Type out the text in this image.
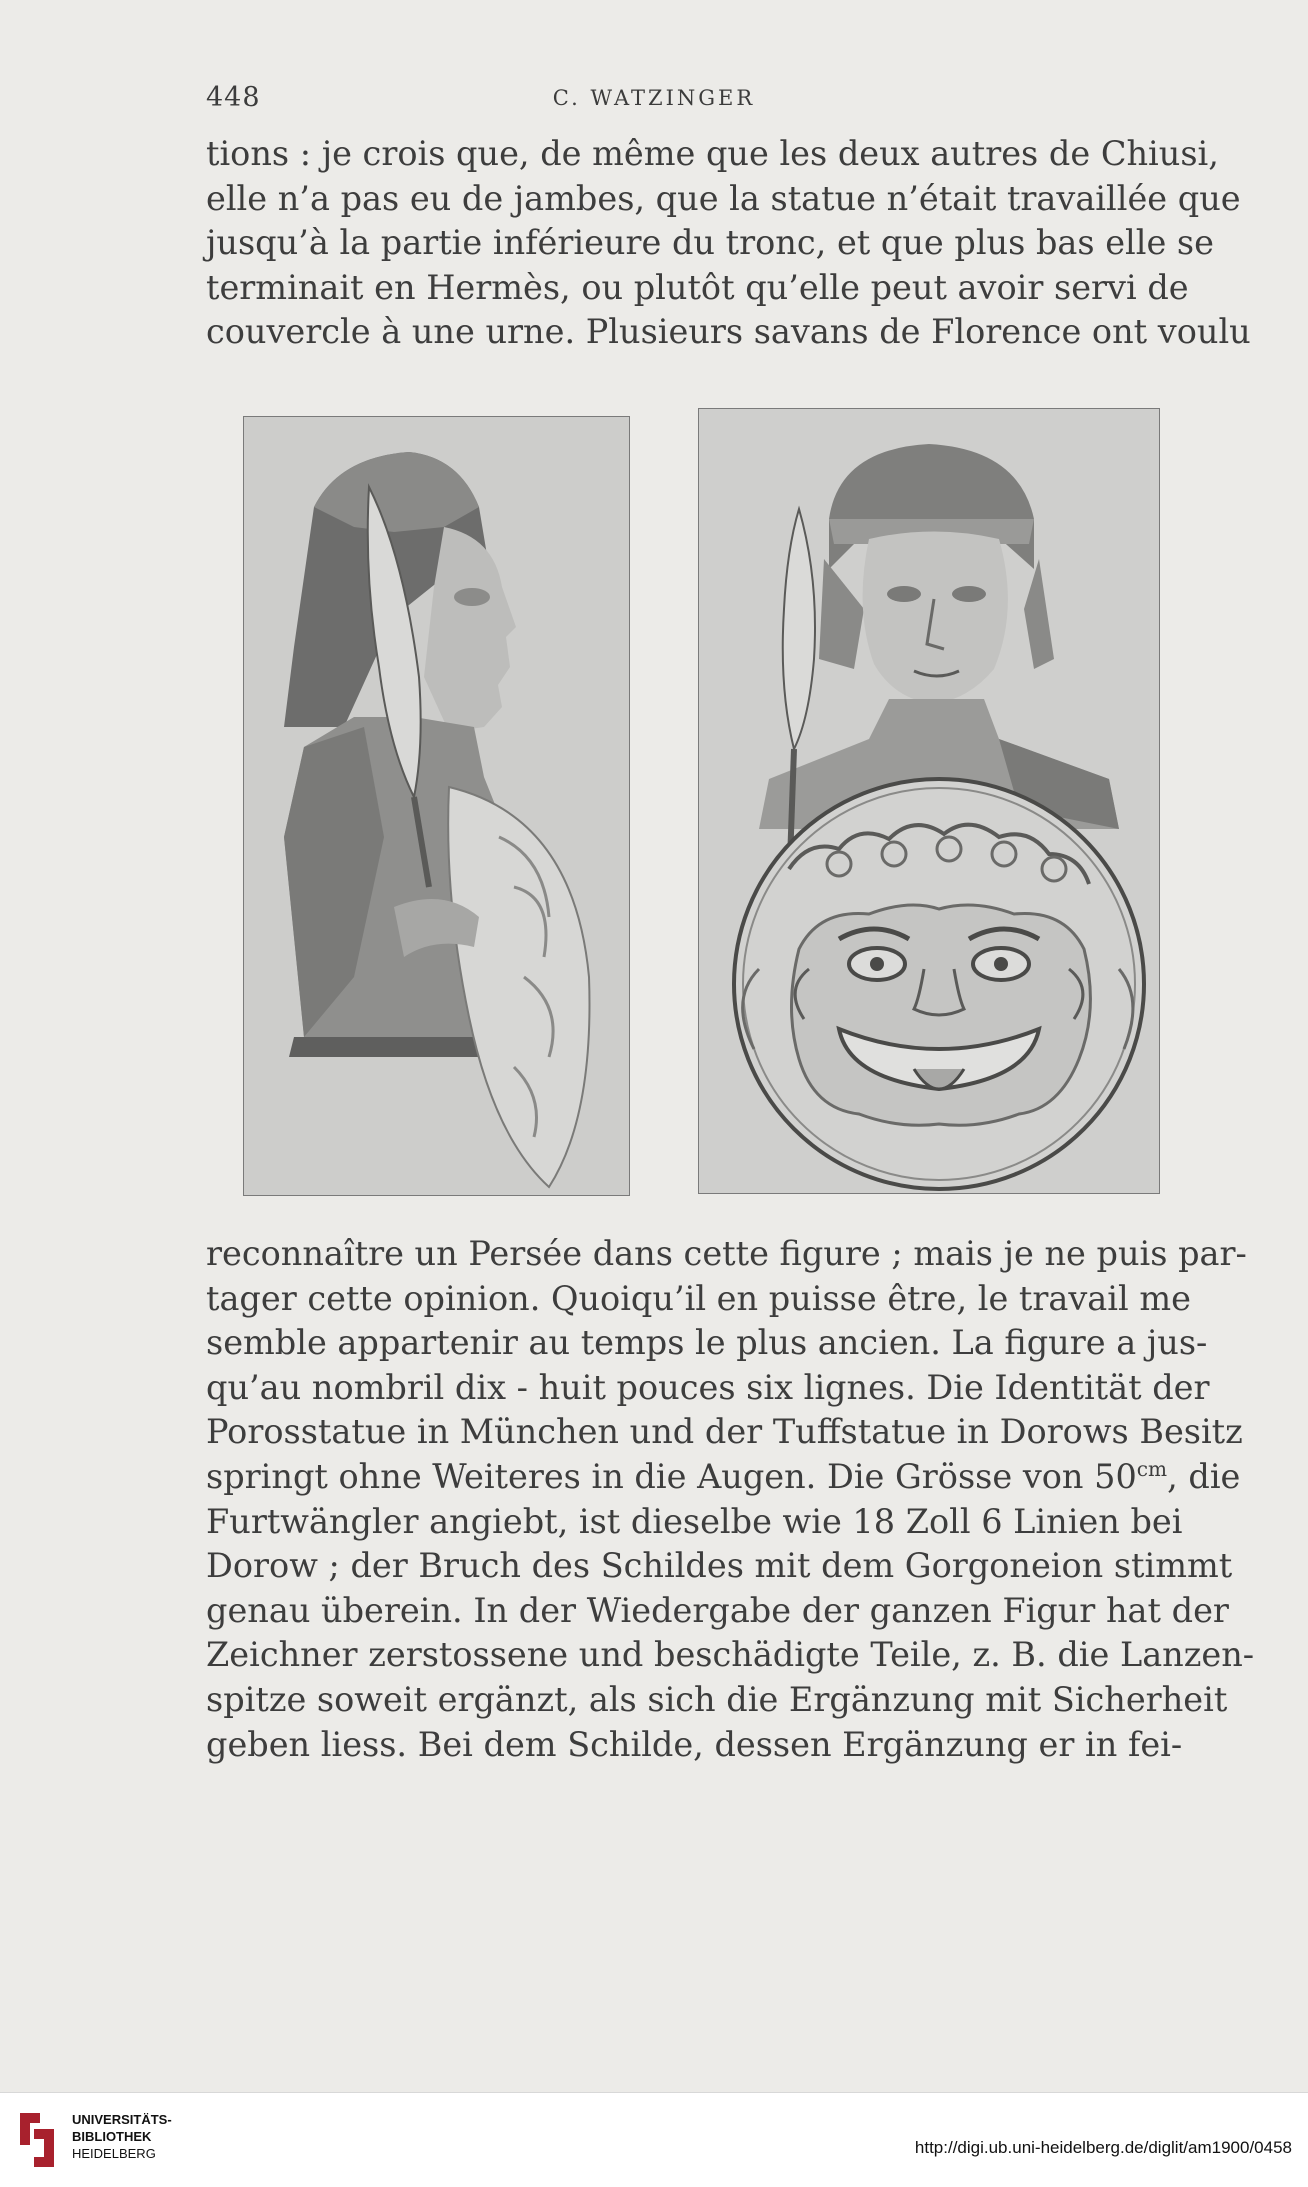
448	C. WATZINGER
tions : je crois que, de même que les deux autres de Chiusi,
elle n’a pas eu de jambes, que la statue n’était travaillée que
jusqu’à la partie inférieure du tronc, et que plus bas elle se
terminait en Hermès, ou plutôt qu’elle peut avoir servi de
couvercle à une urne. Plusieurs savans de Florence ont voulu
reconnaître un Persée dans cette figure ; mais je ne puis par-
tager cette opinion. Quoiqu’il en puisse être, le travail me
semble appartenir au temps le plus ancien. La figure a jus-
qu’au nombril dix - huit pouces six lignes. Die Identität der
Porosstatue in München und der Tuffstatue in Dorows Besitz
springt ohne Weiteres in die Augen. Die Grösse von $50^{cm}$, die
Furtwängler angiebt, ist dieselbe wie 18 Zoll 6 Linien bei
Dorow ; der Bruch des Schildes mit dem Gorgoneion stimmt
genau überein. In der Wiedergabe der ganzen Figur hat der
Zeichner zerstossene und beschädigte Teile, z. B. die Lanzen-
spitze soweit ergänzt, als sich die Ergänzung mit Sicherheit
geben liess. Bei dem Schilde, dessen Ergänzung er in fei-
UNIVERSITÄTS-
BIBLIOTHEK
HEIDELBERG	http://digi.ub.uni-heidelberg.de/diglit/am1900/0458
